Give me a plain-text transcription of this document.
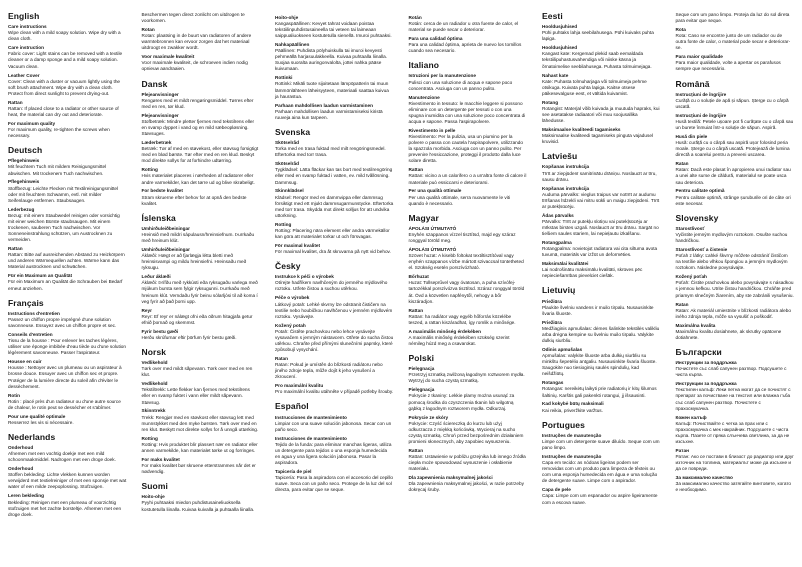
English
Care instructions
Wipe clean with a mild soapy solution. Wipe dry with a clean cloth.
Care instruction
Fabric cover: Light stains can be removed with a textile cleaner or a damp sponge and a mild soapy solution. Vacuum clean.
Leather Cover
Cover: Clean with a duster or vacuum lightly using the soft brush attachment. Wipe dry with a clean cloth. Protect from direct sunlight to prevent drying-out.
Rattan
Rattan: If placed close to a radiator or other source of heat, the material can dry out and deteriorate.
For maximum quality
For maximum quality, re-tighten the screws when necessary.
Deutsch
Pflegehinweis
Mit feuchtem Tuch mit mildem Reinigungsmittel abwischen. Mit trockenem Tuch nachwischen.
Pflegehinweis
Stoffbezug: Leichte Flecken mit Textilreinigungsmittel oder mit feuchtem Schwamm, evtl. mit milder Seifenlauge entfernen. Staubsaugen.
Lederbezug
Bezug: mit einem Staubwedel reinigen oder vorsichtig mit einer weichen Bürste staubsaugen. Mit einem trockenen, sauberen Tuch nachwischen. Vor Sonneneinstrahlung schützen, um Austrocknen zu vermeiden.
Rattan
Rattan: Bitte auf ausreichenden Abstand zu Heizkörpern und anderen Wärmequellen achten. Wärme kann das Material austrocknen und schwächen.
Für ein Maximum an Qualität
Für ein Maximum an Qualität die Schrauben bei Bedarf erneut anziehen.
Français
Instructions d'entretien
Passez un chiffon propre imprégné d'une solution savonneuse. Essuyez avec un chiffon propre et sec.
Conseils d'entretien
Tissu de la housse : Pour enlever les taches légères, utiliser une éponge imbibée d'eau tiède ou d'une solution légèrement savonneuse. Passer l'aspirateur.
Housse en cuir
Housse : Nettoyer avec un plumeau ou un aspirateur à brosse douce. Essuyer avec un chiffon sec et propre. Protéger de la lumière directe du soleil afin d'éviter le dessèchement.
Rotin
Rotin : placé près d'un radiateur ou d'une autre source de chaleur, le rotin peut se dessécher et s'abîmer.
Pour une qualité optimale
Resserrez les vis si nécessaire.
Nederlands
Onderhoud
Afnemen met een vochtig doekje met een mild schoonmaakmiddel. Nadrogen met een droge doek.
Onderhoud
Stoffen bekleding: Lichte vlekken kunnen worden verwijderd met textielreiniger of met een sponsje met wat water of een milde zeepoplossing. Stofzuigen.
Leren bekleding
Bekleding: Reinigen met een plumeau of voorzichtig stofzuigen met het zachte borsteltje. Afnemen met een droge doek.
Beschermen tegen direct zonlicht om uitdrogen te voorkomen.
Rotan
Rotan: plaatsing in de buurt van radiatoren of andere warmtebronnen kan ervoor zorgen dat het materiaal uitdroogt en zwakker wordt.
Voor maximale kwaliteit
Voor maximale kwaliteit, de schroeven indien nodig opnieuw aandraaien.
Dansk
Plejeanvisninger
Rengøres med et mildt rengøringsmiddel. Tørres efter med en ren, tør klud.
Plejeanvisninger
Stofbetræk: Mindre pletter fjernes med tekstilrens eller en svamp dyppet i vand og en mild sæbeopløsning. Støvsuges.
Læderbetræk
Betræk: Tør af med en støvekost, eller støvsug forsigtigt med en blød børste. Tør efter med en ren klud. Beskyt mod direkte sollys for at forhindre udtørring.
Rotting
Hvis materialet placeres i nærheden af radiatorer eller andre varmekilder, kan det tørre ud og blive skrøbeligt.
For bedste kvalitet
Stram skruerne efter behov for at opnå den bedste kvalitet.
Íslenska
Umhirðuleiðbeiningar
Hreinsið með mildri sápulausn/hreinsiefnum. Þurrkaðu með hreinum klút.
Umhirðuleiðbeiningar
Áklæði: Hægt er að fjarlægja létta bletti með hreinsisvampi og mildu hreinsiefni. Hreinsaðu með ryksugu.
Leður áklæði
Áklæði: Þrífðu með rykkústi eða ryksugaðu varlega með mjúkum bursta sem fylgir ryksugunni. Þurrkaðu með hreinum klút. Verndaðu fyrir beinu sólarljósi til að koma í veg fyrir að það þorni upp.
Reyr
Reyr: Ef reyr er nálægt ofni eða öðrum hitagjafa getur efnið þornað og skemmst.
Fyrir bestu gæði
Herðu skrúfurnar eftir þörfum fyrir bestu gæði.
Norsk
Vedlikehold
Tørk over med mildt såpevann. Tørk over med en ren klut.
Vedlikehold
Tekstiltrekk: Lette flekker kan fjernes med tekstilrens eller en svamp fuktet i vann eller mildt såpevann. Støvsug.
Skinntrekk
Trekk: Rengjør med en støvkost eller støvsug lett med munnstykket med den myke børsten. Tørk over med en ren klut. Beskytt mot direkte sollys for å unngå uttørking.
Rotting
Rotting: Hvis produktet blir plassert nær en radiator eller annen varmekilde, kan materialet tørke ut og forringes.
For maks kvalitet
For maks kvalitet bør skruene etterstrammes når det er nødvendig.
Suomi
Hoito-ohje
Pyyhi puhtaaksi miedon puhdistusaineliuoksella kostutetulla liinalla. Kuivaa kuivalla ja puhtaalla liinalla.
Hoito-ohje
Kangaspäällinen: Kevyet tahrat voidaan poistaa tekstiilinpuhdistusaineella tai veteen tai laimeaan saippualiuokseen kostutetulla sienellä. Imuroi puhtaaksi.
Nahkapäällinen
Päällinen: Puhdista pölyhuiskulla tai imuroi kevyesti pehmeällä harjasuulakkeella. Kuivaa puhtaalla liinalla. Suojaa suoralta auringonvalolta, jottei nahka pääse kuivumaan.
Rottinki
Rottinki: Mikäli tuote sijoitetaan lämpöpatterin tai muun lämmönlähteen läheisyyteen, materiaali saattaa kuivua ja haurastua.
Parhaan mahdollisen laadun varmistaminen
Parhaan mahdollisen laadun varmistamiseksi kiristä ruuveja aina kun tarpeen.
Svenska
Skötselråd
Torka med en trasa fuktad med milt rengöringsmedel. Eftertorka med torr trasa.
Skötselråd
Tygklädsel: Lätta fläckar kan tas bort med textilrengöring eller med en svamp fuktad i vatten, ev. mild tvållösning. Dammsug.
Skinnklädsel
Klädsel: Rengör med en dammvippa eller dammsug försiktigt med ett mjukt dammsugarmunstycke. Eftertorka med torr trasa. Skydda mot direkt solljus för att undvika uttorkning.
Rotting
Rotting: Placering nära element eller andra värmekällor kan göra att materialet torkar ut och försvagas.
För maximal kvalitet
För maximal kvalitet, dra åt skruvarna på nytt vid behov.
Česky
Instrukce k péči o výrobek
Otírejte hadříkem navlhčeným do jemného mýdlového roztoku. Utřete čistou a suchou utěrkou.
Péče o výrobek
Látkový potah: Lehké skvrny lze odstranit čističem na textilie nebo houbičkou navlhčenou v jemném mýdlovém roztoku. Vysávejte.
Kožený potah
Potah: Čistěte prachovkou nebo lehce vysávejte vysavačem s jemným nástavcem. Otřete do sucha čistou utěrkou. Chraňte před přímými slunečními paprsky, které způsobují vysychání.
Ratan
Ratan: Pokud je umístěn do blízkosti radiátoru nebo jiného zdroje tepla, může dojít k jeho vysušení a zkroucení.
Pro maximální kvalitu
Pro maximální kvalitu utáhněte v případě potřeby šrouby.
Español
Instrucciones de mantenimiento
Limpiar con una suave solución jabonosa. Secar con un paño seco.
Instrucciones de mantenimiento
Tejido de la funda: para eliminar manchas ligeras, utiliza un detergente para tejidos o una esponja humedecida en agua y una ligera solución jabonosa. Pasar la aspiradora.
Tapicería de piel
Tapicería: Pasa la aspiradora con el accesorio del cepillo suave. Seca con un paño seco. Protege de la luz del sol directa, para evitar que se seque.
Rotán
Rotán: cerca de un radiador u otra fuente de calor, el material se puede secar o deteriorar.
Para una calidad óptima
Para una calidad óptima, aprieta de nuevo los tornillos cuando sea necesario.
Italiano
Istruzioni per la manutenzione
Pulisci con una soluzione di acqua e sapone poco concentrata. Asciuga con un panno pulito.
Manutenzione
Rivestimento in tessuto: le macchie leggere si possono eliminare con un detergente per tessuti o con una spugna inumidita con una soluzione poco concentrata di acqua e sapone. Passa l'aspirapolvere.
Rivestimento in pelle
Rivestimento: Per la pulizia, usa un piumino per la polvere o passa con cautela l'aspirapolvere, utilizzando la spazzola morbida. Asciuga con un panno pulito. Per prevenire l'essiccazione, proteggi il prodotto dalla luce solare diretta.
Rattan
Rattan: vicino a un calorifero o a un'altra fonte di calore il materiale può essiccarsi e deteriorarsi.
Per una qualità ottimale
Per una qualità ottimale, serra nuovamente le viti quando è necessario.
Magyar
ÁPOLÁSI ÚTMUTATÓ
Enyhén szappanos vízzel tisztítsd, majd egy száraz ronggyal töröld meg.
ÁPOLÁSI ÚTMUTATÓ
Szövet huzat: A kisebb foltokat textiltisztítóval vagy enyhén szappanos vízbe mártott szivaccsal tüntetheted el. Szükség esetén porszívózható.
Bőrhuzat
Huzat: Tollseprűvel vagy óvatosan, a puha szívófej-tartozékkal porszívózva tisztítsd. Száraz ronggyal töröld át. Óvd a közvetlen napfénytől, nehogy a bőr kiszáradjon.
Rattan
Rattan: ha radiátor vagy egyéb hőforrás közelébe teszed, a rattan kiszáradhat, így romlik a minősége.
A maximális minőség érdekében
A maximális minőség érdekében szükség szerint némileg húzd meg a csavarokat.
Polski
Pielęgnacja
Przetrzyj szmatką zwilżoną łagodnym roztworem mydła. Wytrzyj do sucha czystą szmatką.
Pielęgnacja
Pokrycie z tkaniny: Lekkie plamy można usunąć za pomocą środka do czyszczenia tkanin lub wilgotną gąbką z łagodnym roztworem mydła. Odkurzaj.
Pokrycie ze skóry
Pokrycie: Czyść ściereczką do kurzu lub użyj odkurzacza z miękką końcówką. Wycieraj na sucho czystą szmatką. Chroń przed bezpośrednim działaniem promieni słonecznych, aby zapobiec wysuszeniu.
Rattan
Rattan: Ustawienie w pobliżu grzejnika lub innego źródła ciepła może spowodować wysuszenie i osłabienie materiału.
Dla zapewnienia maksymalnej jakości
Dla zapewnienia maksymalnej jakości, w razie potrzeby dokręcaj śruby.
Eesti
Hooldusjuhised
Pühi puhtaks lahja seebilahusega. Pühi kuivaks puhta lapiga.
Hooldusjuhised
Kangast kate: Kergemad plekid saab eemaldada tekstiilipuhastusvahendiga või niiske käsna ja õrnatoimelise seebilahusega. Puhasta tolmuimejaga.
Nahast kate
Kate: Puhasta tolmuharjaga või tolmuimeja pehme otsikuga. Kuivata puhta lapiga. Kaitse otsese päikesevalguse eest, et vältida kuivamist.
Rotang
Rotangist: Materjal võib kuivada ja muutuda hapraks, kui see asetatakse radiaatori või muu soojusallika lähedusse.
Maksimaalse kvaliteedi tagamiseks
Maksimaalse kvaliteedi tagamiseks pinguta vajadusel kruvisid.
Latviešu
Kopšanas instrukcija
Tīrīt ar ziepjūdenī samitrinātu drāniņu. Noslaucīt ar tīru, sausu drānu.
Kopšanas instrukcija
Auduma pārvalks: vieglus traipus var notīrīt ar audumu tīrīšanas līdzekli vai mitru sūkli un maigu ziepjūdeni. Tīrīt ar putekļsūcēju.
Ādas pārvalks
Pārvalks: Tīrīt ar putekļu slotiņu vai putekļsūcēju ar mīkstas birstes uzgali. Noslaucīt ar tīru drānu. Sargāt no tiešiem saules stariem, lai nepieļautu izkalšanu.
Rotangpalma
Rotangpalma: novietojot radiatora vai cita siltuma avota tuvumā, materiāls var izžūt un deformēties.
Maksimālai kvalitātei
Lai nodrošinātu maksimālu kvalitāti, skrūves pēc nepieciešamības pievelciet ciešāk.
Lietuvių
Priežiūra
Plaukite švelniu vandens ir muilo tirpalu. Nusausinkite švaria šluoste.
Priežiūra
Medžiaginis apmušalas: dėmes šalinkite tekstilės valikliu arba drėgna kempine su švelniu muilo tirpalu. Valykite dulkių siurbliu.
Odinis apmušalas
Apmušalas: valykite šluoste arba dulkių siurbliu su minkštu šepetėlio antgaliu. Nusausinkite švaria šluoste. Saugokite nuo tiesioginių saulės spindulių, kad neišdžiūtų.
Rotangas
Rotangas: nereikėtų laikyti prie radiatorių ir kitų šilumos šaltinių. Karštis gali pakenkti rotangui, jį išsausinti.
Kad kokybė būtų maksimali
Kai reikia, priveržkite varžtus.
Portugues
Instruções de manutenção
Limpe com um detergente suave diluído. Seque com um pano limpo.
Instruções de manutenção
Capa em tecido: as nódoas ligeiras podem ser removidas com um produto para limpeza de têxteis ou com uma esponja humedecida em água e uma solução de detergente suave. Limpe com o aspirador.
Capa de pele
Capa: Limpe com um espanador ou aspire ligeiramente com a escova suave.
Seque com um pano limpo. Proteja da luz do sol direta para evitar que seque.
Rota
Rota: Caso se encontre junto de um radiador ou de outra fonte de calor, o material pode secar e deteriorar-se.
Para maior qualidade
Para maior qualidade, volte a apertar os parafusos sempre que necessário.
Română
Instrucțiuni de îngrijire
Curăță cu o soluție de apă și săpun. Șterge cu o cârpă uscată.
Instrucțiuni de îngrijire
Husă textilă: Petele ușoare pot fi curățate cu o cârpă sau un burete înmuiat într-o soluție de săpun. Aspiră.
Husă din piele
Husă: curăță cu o cârpă sau aspiră ușor folosind peria moale. Șterge cu o cârpă uscată. Protejează de lumina directă a soarelui pentru a preveni uscarea.
Ratan
Ratan: Dacă este plasat în apropierea unui radiator sau a unei alte surse de căldură, materialul se poate usca sau deteriora.
Pentru calitate optimă
Pentru calitate optimă, strânge șuruburile ori de câte ori este necesar.
Slovensky
Starostlivosť
Vyčistite jemným mydlovým roztokom. Osušte suchou handričkou.
Starostlivosť a čistenie
Poťah z látky: Ľahké škvrny môžete odstrániť čističom na textílie alebo vlhkou špongiou a jemným mydlovým roztokom. Následne povysávajte.
Kožený poťah
Poťah: Čistite prachovkou alebo povysávajte s násadkou s jemnou kefkou. Utrite čistou handričkou. Chráňte pred priamym slnečným žiarením, aby ste zabránili vysušeniu.
Ratan
Ratan: Ak materiál umiestnite v blízkosti radiátora alebo iného zdroja tepla, môže sa vysušiť a poškodiť.
Maximálna kvalita
Maximálnu kvalitu dosiahnete, ak skrutky opätovne dotiahnete.
Български
Инструкции за поддръжка
Почистете със слаб сапунен разтвор. Подсушете с чиста кърпа.
Инструкции за поддръжка
Текстилен калъф: Леки петна могат да се почистят с препарат за почистване на текстил или влажна гъба със слаб сапунен разтвор. Почистете с прахосмукачка.
Кожен калъф
Калъф: Почиствайте с четка за прах или с прахосмукачка с мек накрайник. Подсушете с чиста кърпа. Пазете от пряка слънчева светлина, за да не изсъхне.
Ратан
Ратан: Ако се постави в близост до радиатор или друг източник на топлина, материалът може да изсъхне и да се повреди.
За максимално качество
За максимално качество затягайте винтовете, когато е необходимо.
